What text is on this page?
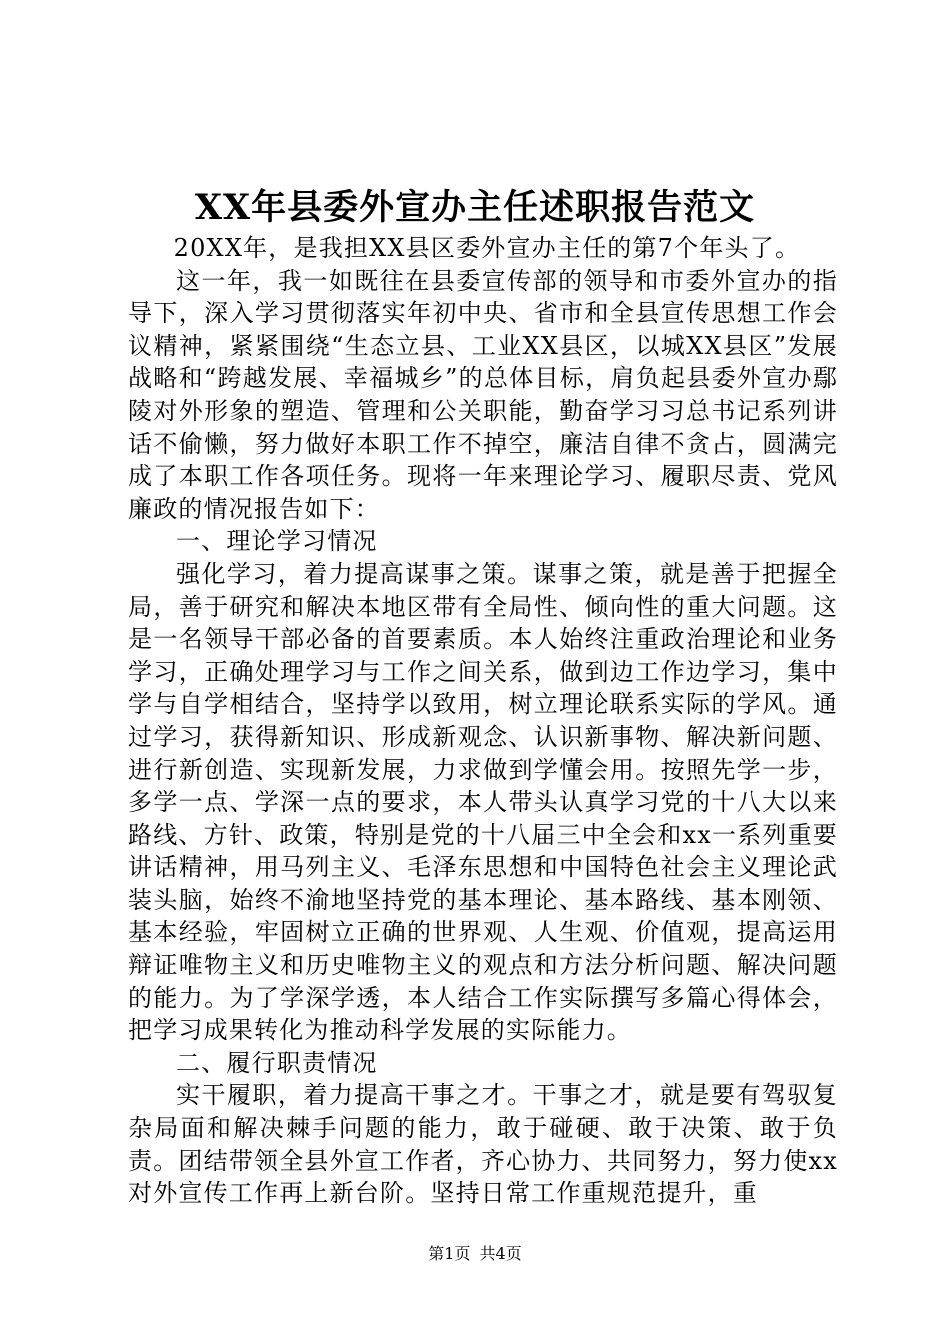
XX年县委外宣办主任述职报告范文

20XX年，是我担XX县区委外宣办主任的第7个年头了。

这一年，我一如既往在县委宣传部的领导和市委外宣办的指导下，深入学习贯彻落实年初中央、省市和全县宣传思想工作会议精神，紧紧围绕“生态立县、工业XX县区，以城XX县区”发展战略和“跨越发展、幸福城乡”的总体目标，肩负起县委外宣办鄢陵对外形象的塑造、管理和公关职能，勤奋学习习总书记系列讲话不偷懒，努力做好本职工作不掉空，廉洁自律不贪占，圆满完成了本职工作各项任务。现将一年来理论学习、履职尽责、党风廉政的情况报告如下：

一、理论学习情况

强化学习，着力提高谋事之策。谋事之策，就是善于把握全局，善于研究和解决本地区带有全局性、倾向性的重大问题。这是一名领导干部必备的首要素质。本人始终注重政治理论和业务学习，正确处理学习与工作之间关系，做到边工作边学习，集中学与自学相结合，坚持学以致用，树立理论联系实际的学风。通过学习，获得新知识、形成新观念、认识新事物、解决新问题、进行新创造、实现新发展，力求做到学懂会用。按照先学一步，多学一点、学深一点的要求，本人带头认真学习党的十八大以来路线、方针、政策，特别是党的十八届三中全会和xx一系列重要讲话精神，用马列主义、毛泽东思想和中国特色社会主义理论武装头脑，始终不渝地坚持党的基本理论、基本路线、基本刚领、基本经验，牢固树立正确的世界观、人生观、价值观，提高运用辩证唯物主义和历史唯物主义的观点和方法分析问题、解决问题的能力。为了学深学透，本人结合工作实际撰写多篇心得体会，把学习成果转化为推动科学发展的实际能力。

二、履行职责情况

实干履职，着力提高干事之才。干事之才，就是要有驾驭复杂局面和解决棘手问题的能力，敢于碰硬、敢于决策、敢于负责。团结带领全县外宣工作者，齐心协力、共同努力，努力使xx对外宣传工作再上新台阶。坚持日常工作重规范提升，重

第1页 共4页
